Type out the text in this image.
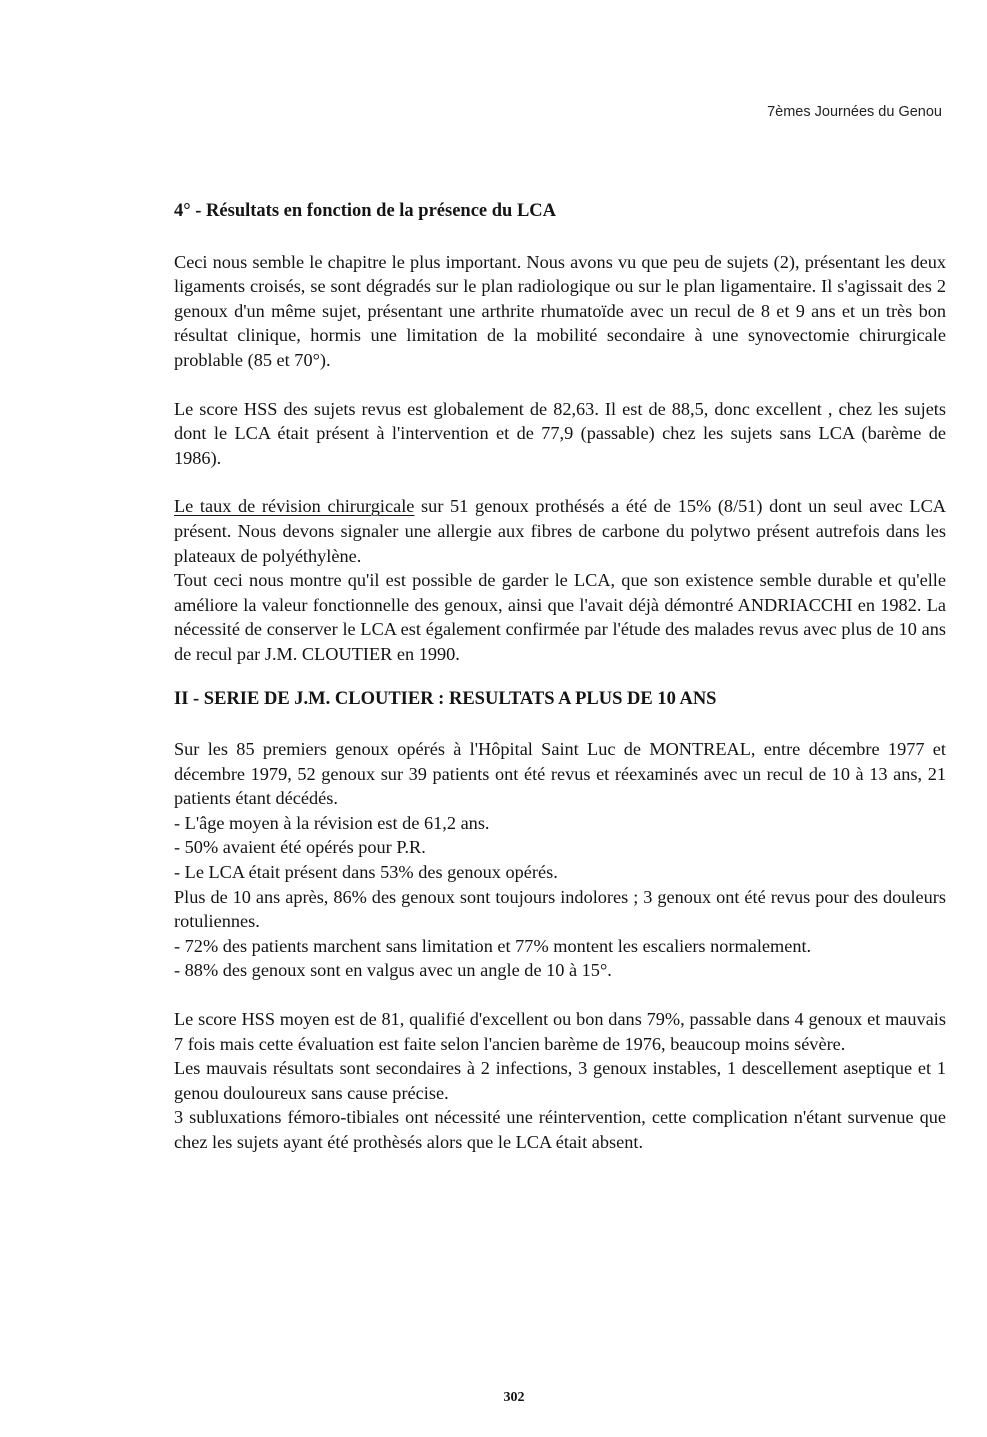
7èmes Journées du Genou

4° - Résultats en fonction de la présence du LCA

Ceci nous semble le chapitre le plus important. Nous avons vu que peu de sujets (2), présentant les deux ligaments croisés, se sont dégradés sur le plan radiologique ou sur le plan ligamentaire. Il s'agissait des 2 genoux d'un même sujet, présentant une arthrite rhumatoïde avec un recul de 8 et 9 ans et un très bon résultat clinique, hormis une limitation de la mobilité secondaire à une synovectomie chirurgicale problable (85 et 70°).

Le score HSS des sujets revus est globalement de 82,63. Il est de 88,5, donc excellent , chez les sujets dont le LCA était présent à l'intervention et de 77,9 (passable) chez les sujets sans LCA (barème de 1986).

Le taux de révision chirurgicale sur 51 genoux prothésés a été de 15% (8/51) dont un seul avec LCA présent. Nous devons signaler une allergie aux fibres de carbone du polytwo présent autrefois dans les plateaux de polyéthylène.

Tout ceci nous montre qu'il est possible de garder le LCA, que son existence semble durable et qu'elle améliore la valeur fonctionnelle des genoux, ainsi que l'avait déjà démontré ANDRIACCHI en 1982. La nécessité de conserver le LCA est également confirmée par l'étude des malades revus avec plus de 10 ans de recul par J.M. CLOUTIER en 1990.

II - SERIE DE J.M. CLOUTIER : RESULTATS A PLUS DE 10 ANS

Sur les 85 premiers genoux opérés à l'Hôpital Saint Luc de MONTREAL, entre décembre 1977 et décembre 1979, 52 genoux sur 39 patients ont été revus et réexaminés avec un recul de 10 à 13 ans, 21 patients étant décédés.

- L'âge moyen à la révision est de 61,2 ans.

- 50% avaient été opérés pour P.R.

- Le LCA était présent dans 53% des genoux opérés.

Plus de 10 ans après, 86% des genoux sont toujours indolores ; 3 genoux ont été revus pour des douleurs rotuliennes.

- 72% des patients marchent sans limitation et 77% montent les escaliers normalement.

- 88% des genoux sont en valgus avec un angle de 10 à 15°.

Le score HSS moyen est de 81, qualifié d'excellent ou bon dans 79%, passable dans 4 genoux et mauvais 7 fois mais cette évaluation est faite selon l'ancien barème de 1976, beaucoup moins sévère.

Les mauvais résultats sont secondaires à 2 infections, 3 genoux instables, 1 descellement aseptique et 1 genou douloureux sans cause précise.

3 subluxations fémoro-tibiales ont nécessité une réintervention, cette complication n'étant survenue que chez les sujets ayant été prothèsés alors que le LCA était absent.

302
